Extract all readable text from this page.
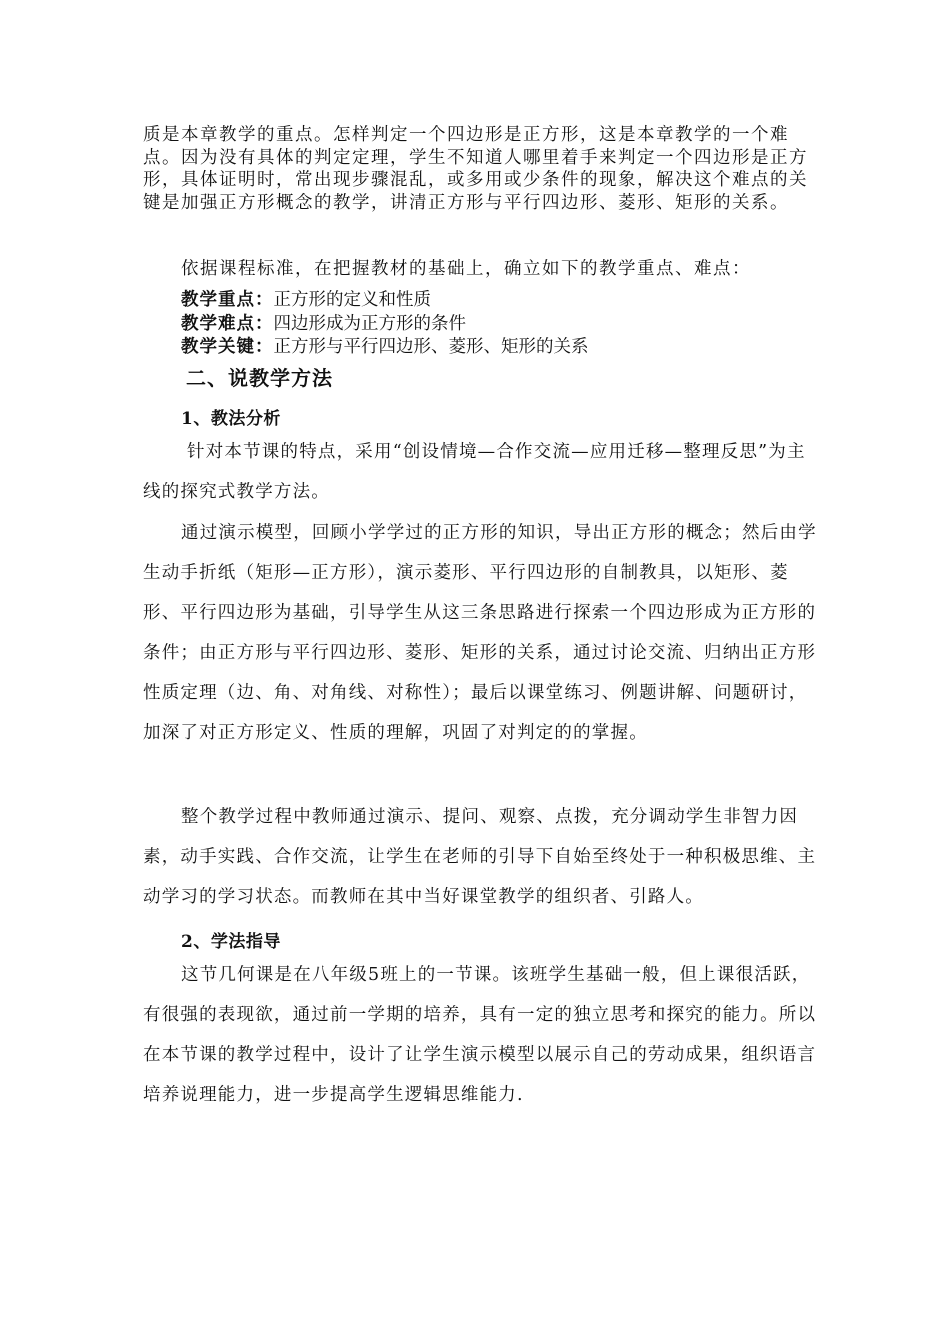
质是本章教学的重点。怎样判定一个四边形是正方形，这是本章教学的一个难点。因为没有具体的判定定理，学生不知道人哪里着手来判定一个四边形是正方形，具体证明时，常出现步骤混乱，或多用或少条件的现象，解决这个难点的关键是加强正方形概念的教学，讲清正方形与平行四边形、菱形、矩形的关系。

依据课程标准，在把握教材的基础上，确立如下的教学重点、难点：

教学重点：正方形的定义和性质

教学难点：四边形成为正方形的条件

教学关键：正方形与平行四边形、菱形、矩形的关系

二、说教学方法

1、教法分析

针对本节课的特点，采用“创设情境—合作交流—应用迁移—整理反思”为主线的探究式教学方法。

通过演示模型，回顾小学学过的正方形的知识，导出正方形的概念；然后由学生动手折纸（矩形—正方形），演示菱形、平行四边形的自制教具，以矩形、菱形、平行四边形为基础，引导学生从这三条思路进行探索一个四边形成为正方形的条件；由正方形与平行四边形、菱形、矩形的关系，通过讨论交流、归纳出正方形性质定理（边、角、对角线、对称性）；最后以课堂练习、例题讲解、问题研讨，加深了对正方形定义、性质的理解，巩固了对判定的的掌握。

整个教学过程中教师通过演示、提问、观察、点拨，充分调动学生非智力因素，动手实践、合作交流，让学生在老师的引导下自始至终处于一种积极思维、主动学习的学习状态。而教师在其中当好课堂教学的组织者、引路人。

2、学法指导

这节几何课是在八年级5班上的一节课。该班学生基础一般，但上课很活跃，有很强的表现欲，通过前一学期的培养，具有一定的独立思考和探究的能力。所以在本节课的教学过程中，设计了让学生演示模型以展示自己的劳动成果，组织语言培养说理能力，进一步提高学生逻辑思维能力.
